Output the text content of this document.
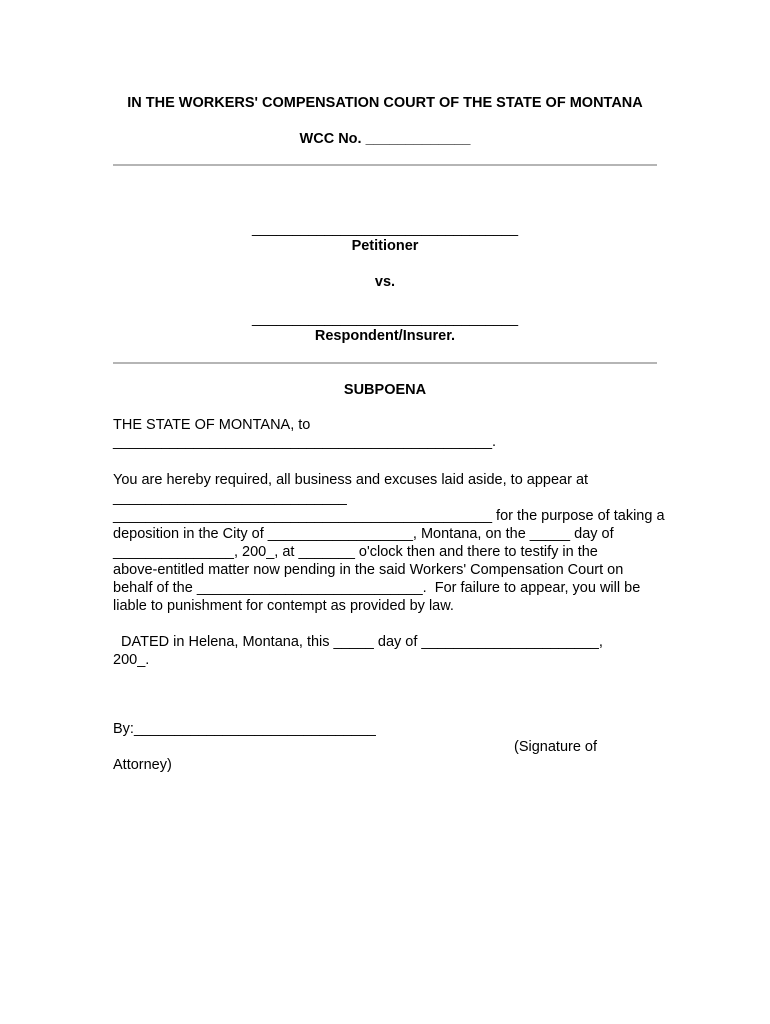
IN THE WORKERS' COMPENSATION COURT OF THE STATE OF MONTANA

WCC No. _____________

_________________________________

Petitioner

vs.

_________________________________

Respondent/Insurer.

SUBPOENA

THE STATE OF MONTANA, to

_______________________________________________.

You are hereby required, all business and excuses laid aside, to appear at

_____________________________

_______________________________________________ for the purpose of taking a

deposition in the City of __________________, Montana, on the _____ day of

_______________, 200_, at _______ o'clock then and there to testify in the

above-entitled matter now pending in the said Workers' Compensation Court on

behalf of the ____________________________.  For failure to appear, you will be

liable to punishment for contempt as provided by law.

DATED in Helena, Montana, this _____ day of ______________________,

200_.

By:______________________________

(Signature of

Attorney)
